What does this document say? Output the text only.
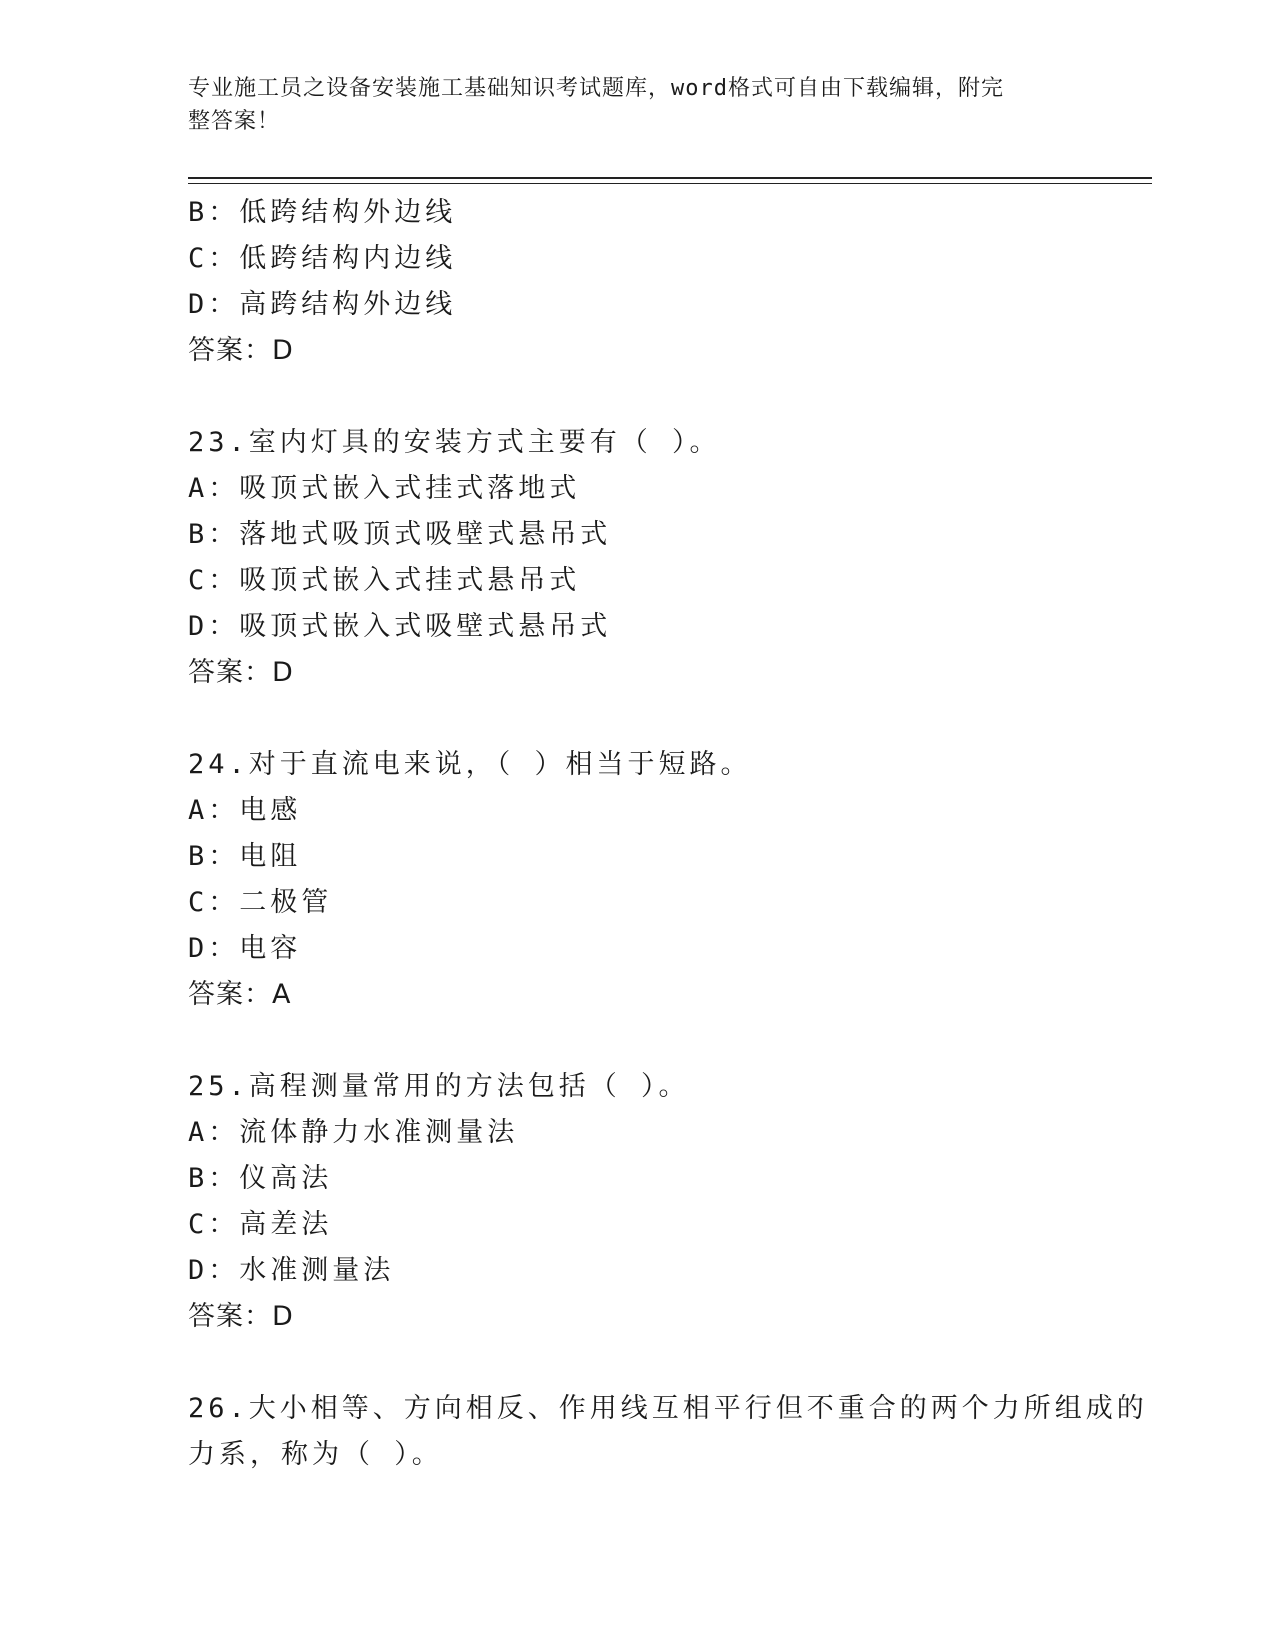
专业施工员之设备安装施工基础知识考试题库，word格式可自由下载编辑，附完
整答案！
B：低跨结构外边线
C：低跨结构内边线
D：高跨结构外边线
答案：D
23.室内灯具的安装方式主要有（ ）。
A：吸顶式嵌入式挂式落地式
B：落地式吸顶式吸壁式悬吊式
C：吸顶式嵌入式挂式悬吊式
D：吸顶式嵌入式吸壁式悬吊式
答案：D
24.对于直流电来说，（ ）相当于短路。
A：电感
B：电阻
C：二极管
D：电容
答案：A
25.高程测量常用的方法包括（ ）。
A：流体静力水准测量法
B：仪高法
C：高差法
D：水准测量法
答案：D
26.大小相等、方向相反、作用线互相平行但不重合的两个力所组成的
力系，称为（ ）。
